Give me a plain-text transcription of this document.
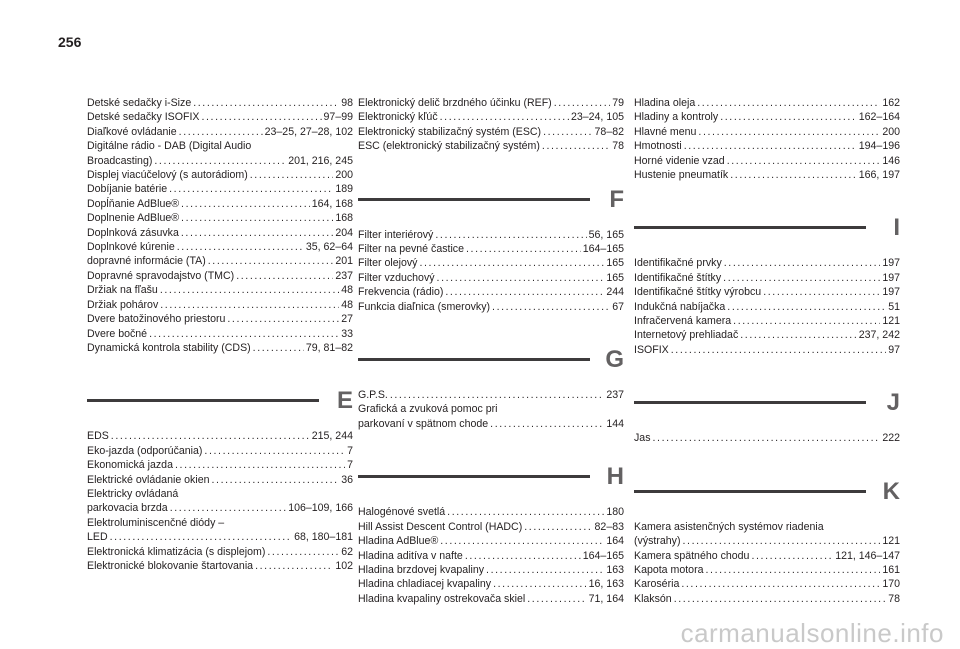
256
Detské sedačky i-Size .....	98
Detské sedačky ISOFIX .....	97–99
Diaľkové ovládanie .....	23–25, 27–28, 102
Digitálne rádio - DAB (Digital Audio
Broadcasting) .....	201, 216, 245
Displej viacúčelový (s autorádiom) .....	200
Dobíjanie batérie .....	189
Dopĺňanie AdBlue® .....	164, 168
Doplnenie AdBlue® .....	168
Doplnková zásuvka .....	204
Doplnkové kúrenie .....	35, 62–64
dopravné informácie (TA) .....	201
Dopravné spravodajstvo (TMC) .....	237
Držiak na fľašu .....	48
Držiak pohárov .....	48
Dvere batožinového priestoru .....	27
Dvere bočné .....	33
Dynamická kontrola stability (CDS) .....	79, 81–82
E
EDS .....	215, 244
Eko-jazda (odporúčania) .....	7
Ekonomická jazda .....	7
Elektrické ovládanie okien .....	36
Elektricky ovládaná
parkovacia brzda .....	106–109, 166
Elektroluminiscenčné diódy –
LED .....	68, 180–181
Elektronická klimatizácia (s displejom) .....	62
Elektronické blokovanie štartovania .....	102
Elektronický delič brzdného účinku (REF) .....	79
Elektronický kľúč .....	23–24, 105
Elektronický stabilizačný systém (ESC) .....	78–82
ESC (elektronický stabilizačný systém) .....	78
F
Filter interiérový .....	56, 165
Filter na pevné častice .....	164–165
Filter olejový .....	165
Filter vzduchový .....	165
Frekvencia (rádio) .....	244
Funkcia diaľnica (smerovky) .....	67
G
G.P.S. .....	237
Grafická a zvuková pomoc pri
parkovaní v spätnom chode .....	144
H
Halogénové svetlá .....	180
Hill Assist Descent Control (HADC) .....	82–83
Hladina AdBlue® .....	164
Hladina aditíva v nafte .....	164–165
Hladina brzdovej kvapaliny .....	163
Hladina chladiacej kvapaliny .....	16, 163
Hladina kvapaliny ostrekovača skiel .....	71, 164
Hladina oleja .....	162
Hladiny a kontroly .....	162–164
Hlavné menu .....	200
Hmotnosti .....	194–196
Horné videnie vzad .....	146
Hustenie pneumatík .....	166, 197
I
Identifikačné prvky .....	197
Identifikačné štítky .....	197
Identifikačné štítky výrobcu .....	197
Indukčná nabíjačka .....	51
Infračervená kamera .....	121
Internetový prehliadač .....	237, 242
ISOFIX .....	97
J
Jas .....	222
K
Kamera asistenčných systémov riadenia
(výstrahy) .....	121
Kamera spätného chodu .....	121, 146–147
Kapota motora .....	161
Karoséria .....	170
Klaksón .....	78
carmanualsonline.info
